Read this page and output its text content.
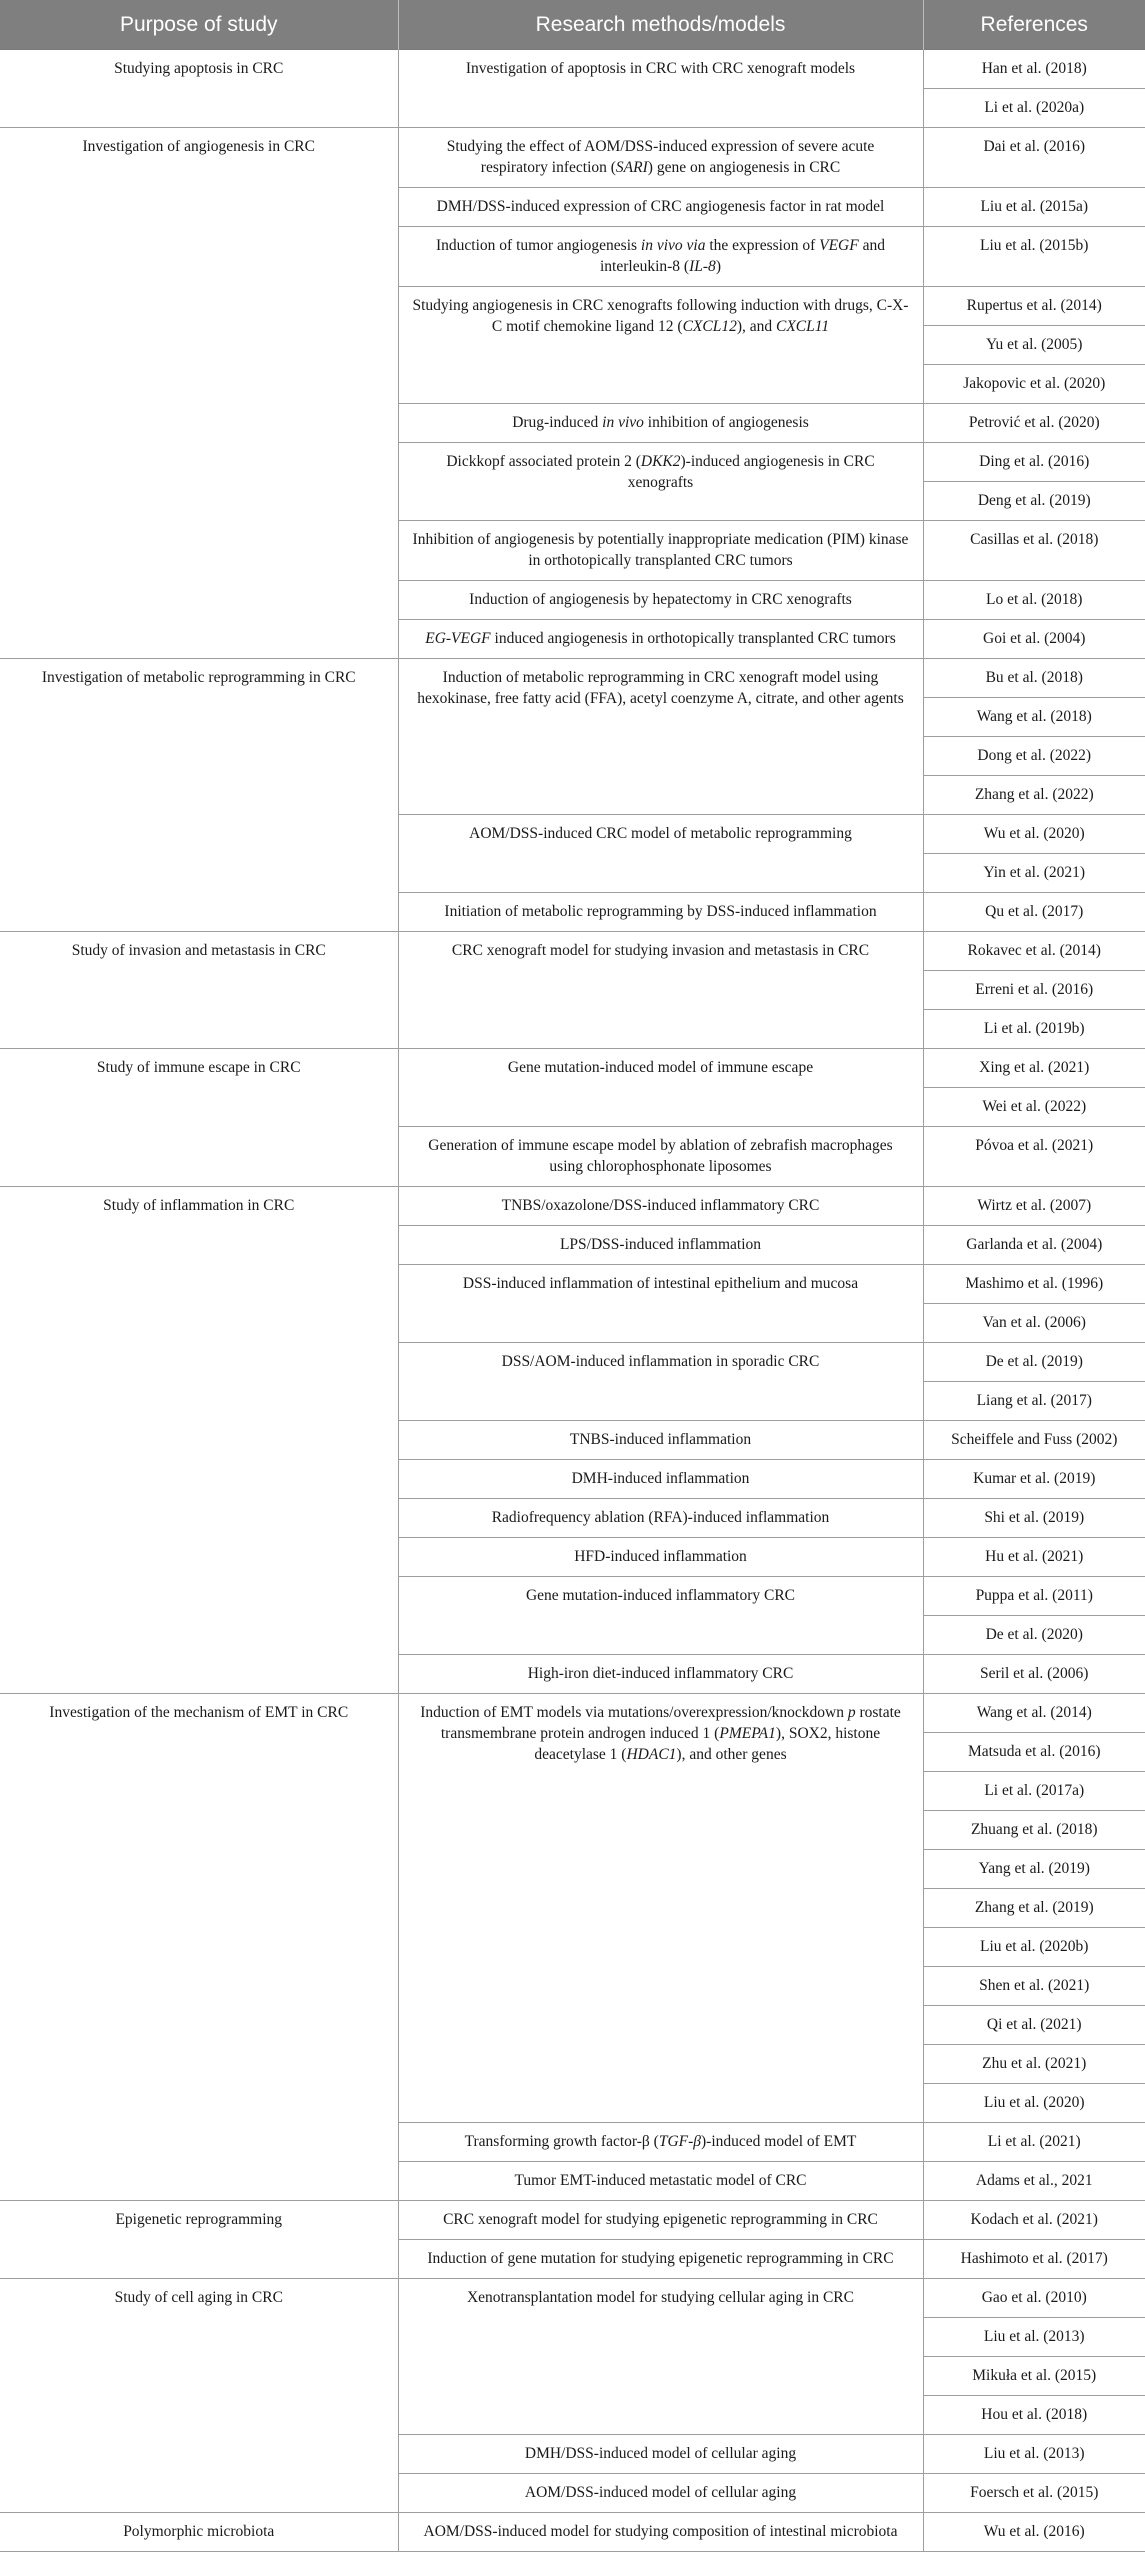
Purpose of study	Research methods/models	References
Studying apoptosis in CRC	Investigation of apoptosis in CRC with CRC xenograft models	Han et al. (2018)
		Li et al. (2020a)
Investigation of angiogenesis in CRC	Studying the effect of AOM/DSS-induced expression of severe acute respiratory infection (SARI) gene on angiogenesis in CRC	Dai et al. (2016)
	DMH/DSS-induced expression of CRC angiogenesis factor in rat model	Liu et al. (2015a)
	Induction of tumor angiogenesis in vivo via the expression of VEGF and interleukin-8 (IL-8)	Liu et al. (2015b)
	Studying angiogenesis in CRC xenografts following induction with drugs, C-X-C motif chemokine ligand 12 (CXCL12), and CXCL11	Rupertus et al. (2014)
		Yu et al. (2005)
		Jakopovic et al. (2020)
	Drug-induced in vivo inhibition of angiogenesis	Petrović et al. (2020)
	Dickkopf associated protein 2 (DKK2)-induced angiogenesis in CRC xenografts	Ding et al. (2016)
		Deng et al. (2019)
	Inhibition of angiogenesis by potentially inappropriate medication (PIM) kinase in orthotopically transplanted CRC tumors	Casillas et al. (2018)
	Induction of angiogenesis by hepatectomy in CRC xenografts	Lo et al. (2018)
	EG-VEGF induced angiogenesis in orthotopically transplanted CRC tumors	Goi et al. (2004)
Investigation of metabolic reprogramming in CRC	Induction of metabolic reprogramming in CRC xenograft model using hexokinase, free fatty acid (FFA), acetyl coenzyme A, citrate, and other agents	Bu et al. (2018)
		Wang et al. (2018)
		Dong et al. (2022)
		Zhang et al. (2022)
	AOM/DSS-induced CRC model of metabolic reprogramming	Wu et al. (2020)
		Yin et al. (2021)
	Initiation of metabolic reprogramming by DSS-induced inflammation	Qu et al. (2017)
Study of invasion and metastasis in CRC	CRC xenograft model for studying invasion and metastasis in CRC	Rokavec et al. (2014)
		Erreni et al. (2016)
		Li et al. (2019b)
Study of immune escape in CRC	Gene mutation-induced model of immune escape	Xing et al. (2021)
		Wei et al. (2022)
	Generation of immune escape model by ablation of zebrafish macrophages using chlorophosphonate liposomes	Póvoa et al. (2021)
Study of inflammation in CRC	TNBS/oxazolone/DSS-induced inflammatory CRC	Wirtz et al. (2007)
	LPS/DSS-induced inflammation	Garlanda et al. (2004)
	DSS-induced inflammation of intestinal epithelium and mucosa	Mashimo et al. (1996)
		Van et al. (2006)
	DSS/AOM-induced inflammation in sporadic CRC	De et al. (2019)
		Liang et al. (2017)
	TNBS-induced inflammation	Scheiffele and Fuss (2002)
	DMH-induced inflammation	Kumar et al. (2019)
	Radiofrequency ablation (RFA)-induced inflammation	Shi et al. (2019)
	HFD-induced inflammation	Hu et al. (2021)
	Gene mutation-induced inflammatory CRC	Puppa et al. (2011)
		De et al. (2020)
	High-iron diet-induced inflammatory CRC	Seril et al. (2006)
Investigation of the mechanism of EMT in CRC	Induction of EMT models via mutations/overexpression/knockdown p rostate transmembrane protein androgen induced 1 (PMEPA1), SOX2, histone deacetylase 1 (HDAC1), and other genes	Wang et al. (2014)
		Matsuda et al. (2016)
		Li et al. (2017a)
		Zhuang et al. (2018)
		Yang et al. (2019)
		Zhang et al. (2019)
		Liu et al. (2020b)
		Shen et al. (2021)
		Qi et al. (2021)
		Zhu et al. (2021)
		Liu et al. (2020)
	Transforming growth factor-β (TGF-β)-induced model of EMT	Li et al. (2021)
	Tumor EMT-induced metastatic model of CRC	Adams et al., 2021
Epigenetic reprogramming	CRC xenograft model for studying epigenetic reprogramming in CRC	Kodach et al. (2021)
	Induction of gene mutation for studying epigenetic reprogramming in CRC	Hashimoto et al. (2017)
Study of cell aging in CRC	Xenotransplantation model for studying cellular aging in CRC	Gao et al. (2010)
		Liu et al. (2013)
		Mikuła et al. (2015)
		Hou et al. (2018)
	DMH/DSS-induced model of cellular aging	Liu et al. (2013)
	AOM/DSS-induced model of cellular aging	Foersch et al. (2015)
Polymorphic microbiota	AOM/DSS-induced model for studying composition of intestinal microbiota	Wu et al. (2016)
